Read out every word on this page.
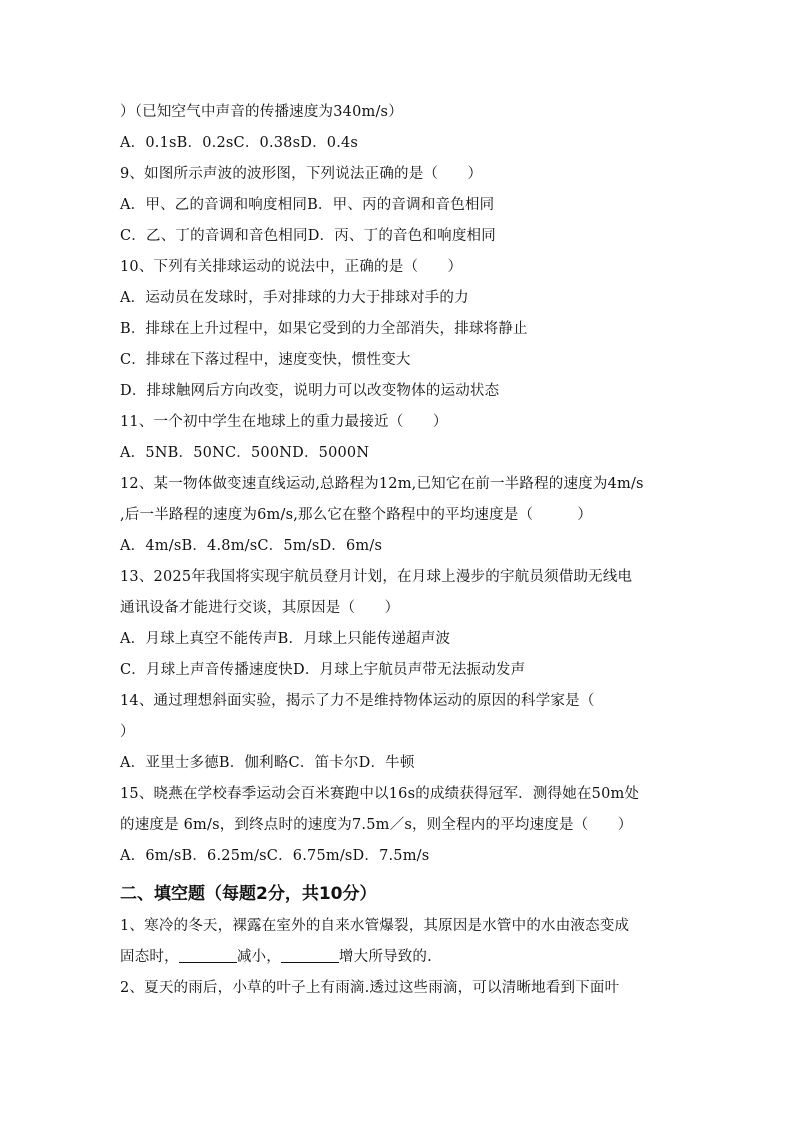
）（已知空气中声音的传播速度为340m/s）
A．0.1sB．0.2sC．0.38sD．0.4s
9、如图所示声波的波形图，下列说法正确的是（　　）
A．甲、乙的音调和响度相同B．甲、丙的音调和音色相同
C．乙、丁的音调和音色相同D．丙、丁的音色和响度相同
10、下列有关排球运动的说法中，正确的是（　　）
A．运动员在发球时，手对排球的力大于排球对手的力
B．排球在上升过程中，如果它受到的力全部消失，排球将静止
C．排球在下落过程中，速度变快，惯性变大
D．排球触网后方向改变，说明力可以改变物体的运动状态
11、一个初中学生在地球上的重力最接近（　　）
A．5NB．50NC．500ND．5000N
12、某一物体做变速直线运动,总路程为12m,已知它在前一半路程的速度为4m/s
,后一半路程的速度为6m/s,那么它在整个路程中的平均速度是（　　　）
A．4m/sB．4.8m/sC．5m/sD．6m/s
13、2025年我国将实现宇航员登月计划，在月球上漫步的宇航员须借助无线电
通讯设备才能进行交谈，其原因是（　　）
A．月球上真空不能传声B．月球上只能传递超声波
C．月球上声音传播速度快D．月球上宇航员声带无法振动发声
14、通过理想斜面实验，揭示了力不是维持物体运动的原因的科学家是（
）
A．亚里士多德B．伽利略C．笛卡尔D．牛顿
15、晓燕在学校春季运动会百米赛跑中以16s的成绩获得冠军．测得她在50m处
的速度是 6m/s，到终点时的速度为7.5m／s，则全程内的平均速度是（　　）
A．6m/sB．6.25m/sC．6.75m/sD．7.5m/s
二、填空题（每题2分，共10分）
1、寒冷的冬天，裸露在室外的自来水管爆裂，其原因是水管中的水由液态变成
固态时，	减小，	增大所导致的.
2、夏天的雨后，小草的叶子上有雨滴.透过这些雨滴，可以清晰地看到下面叶
